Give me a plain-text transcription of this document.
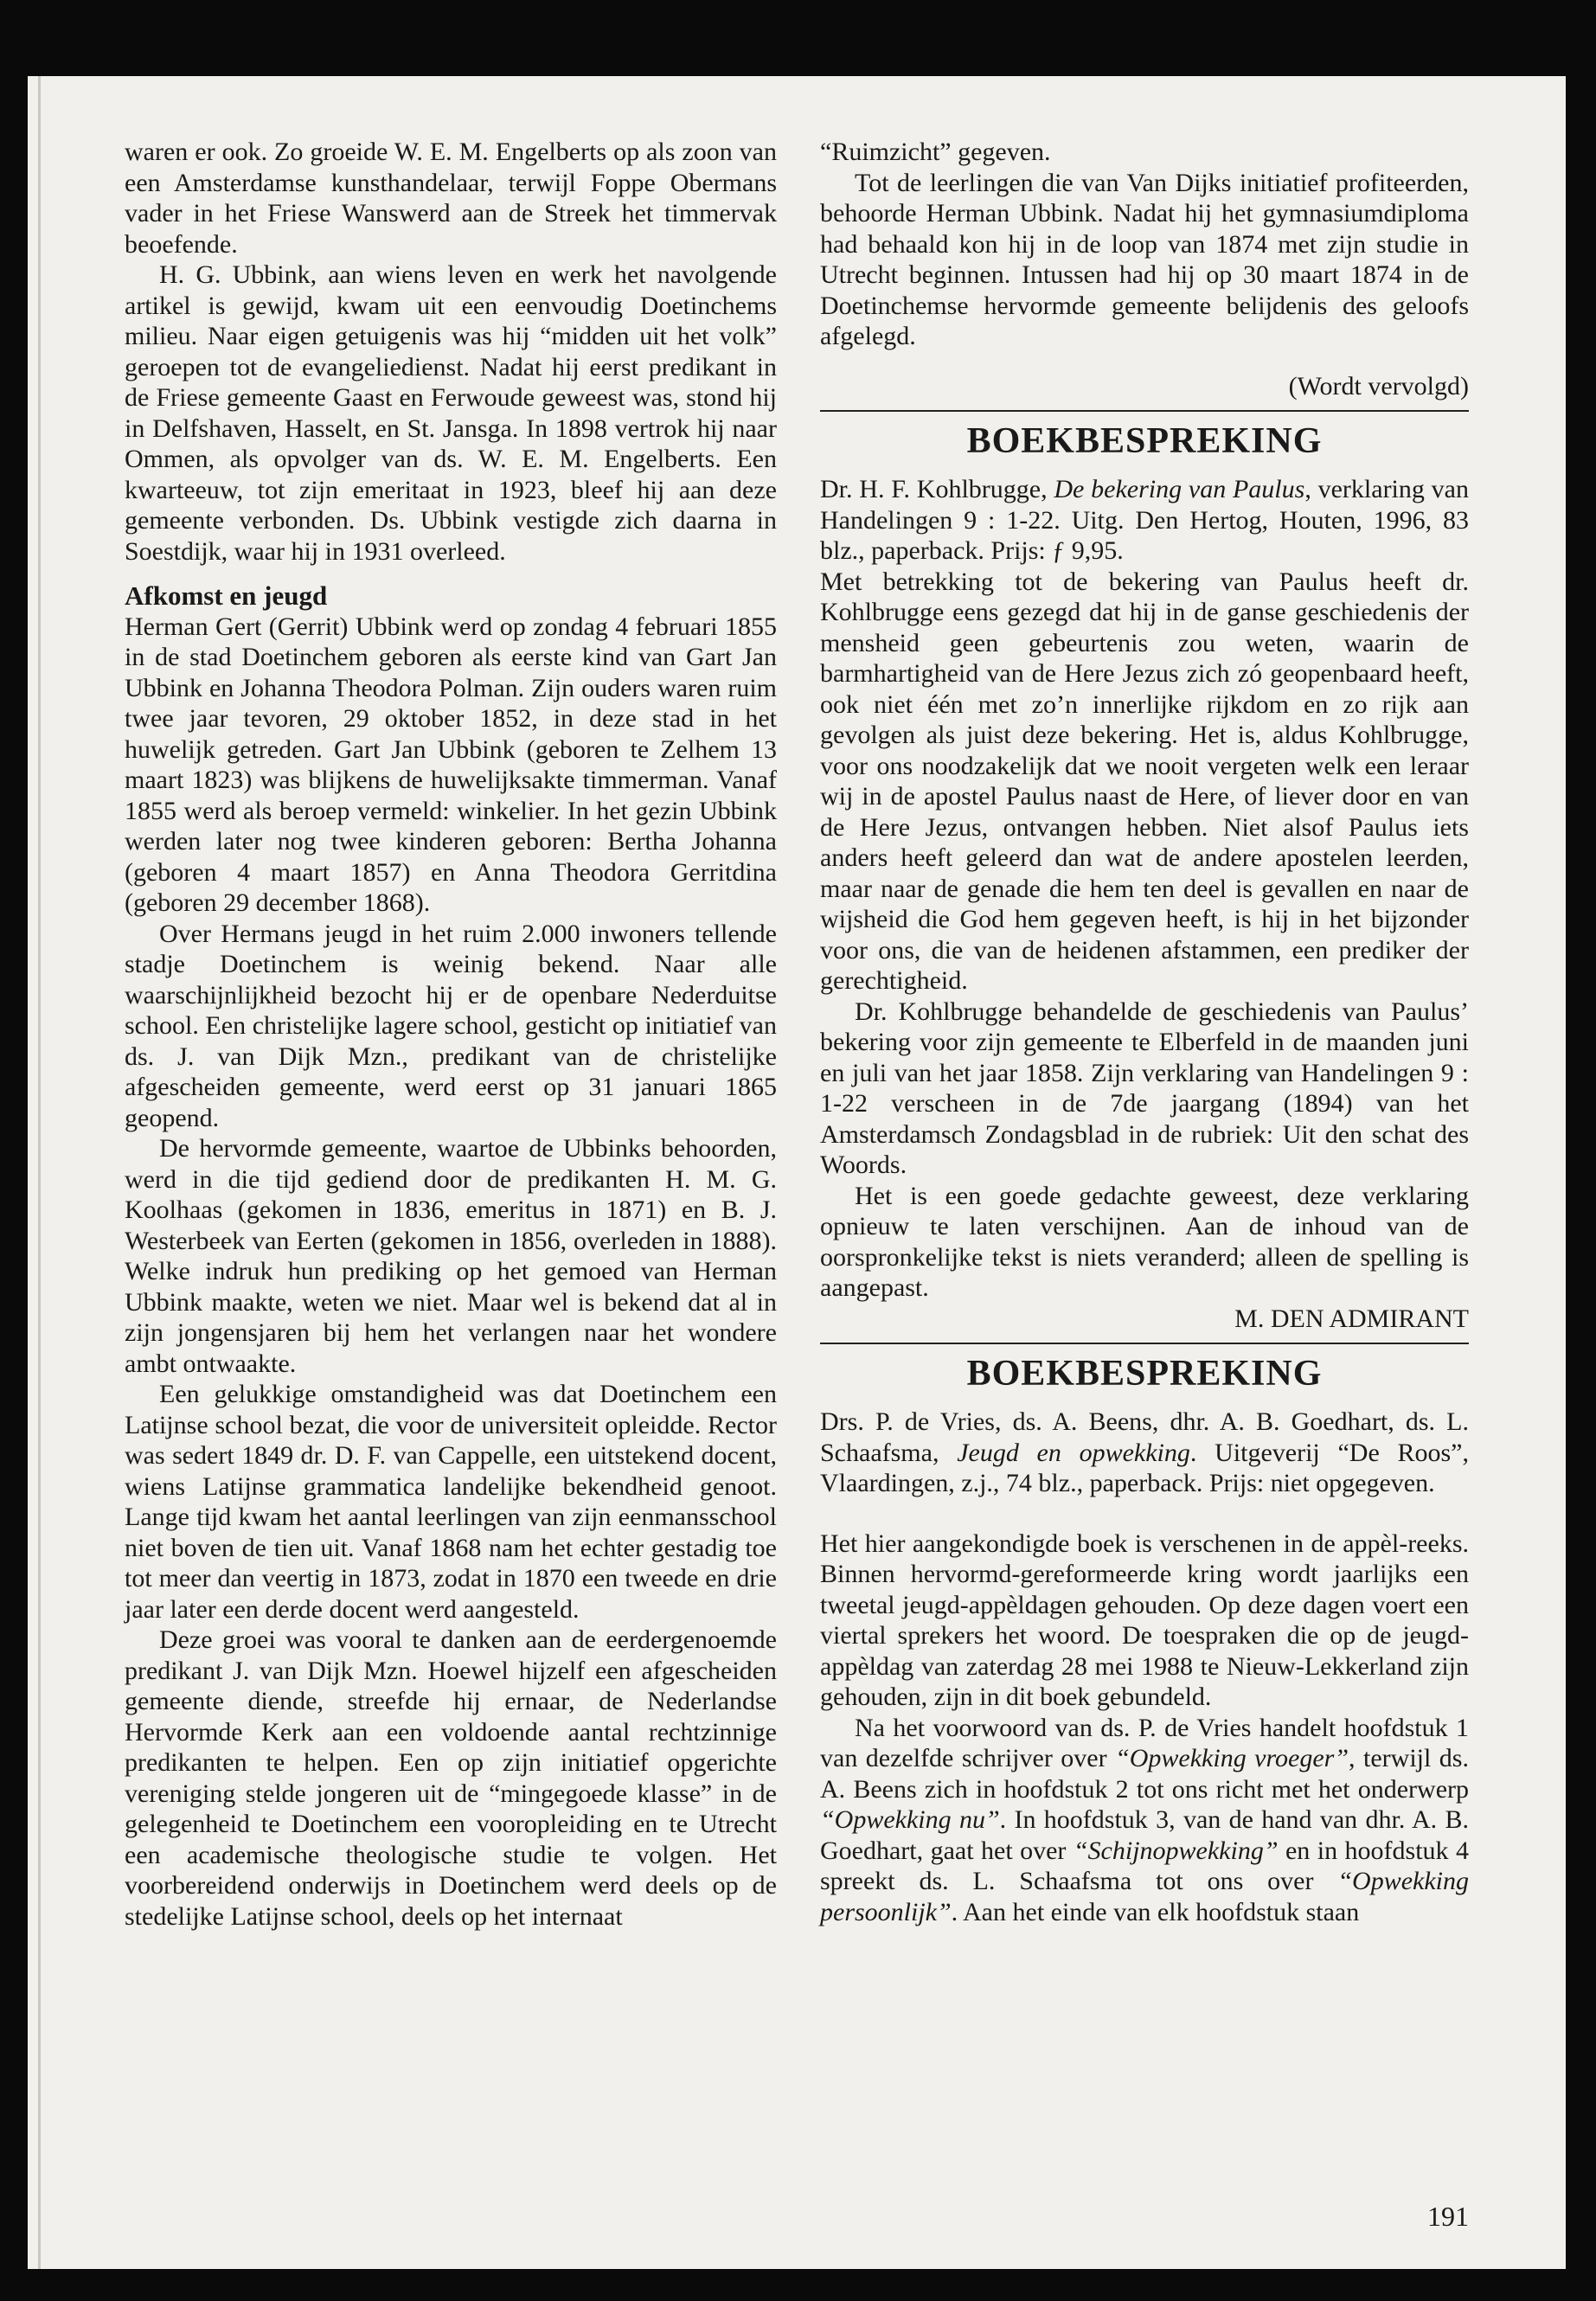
waren er ook. Zo groeide W. E. M. Engelberts op als zoon van een Amsterdamse kunsthandelaar, terwijl Foppe Obermans vader in het Friese Wanswerd aan de Streek het timmervak beoefende.

H. G. Ubbink, aan wiens leven en werk het navolgende artikel is gewijd, kwam uit een eenvoudig Doetinchems milieu. Naar eigen getuigenis was hij “midden uit het volk” geroepen tot de evangeliedienst. Nadat hij eerst predikant in de Friese gemeente Gaast en Ferwoude geweest was, stond hij in Delfshaven, Hasselt, en St. Jansga. In 1898 vertrok hij naar Ommen, als opvolger van ds. W. E. M. Engelberts. Een kwarteeuw, tot zijn emeritaat in 1923, bleef hij aan deze gemeente verbonden. Ds. Ubbink vestigde zich daarna in Soestdijk, waar hij in 1931 overleed.

Afkomst en jeugd

Herman Gert (Gerrit) Ubbink werd op zondag 4 februari 1855 in de stad Doetinchem geboren als eerste kind van Gart Jan Ubbink en Johanna Theodora Polman. Zijn ouders waren ruim twee jaar tevoren, 29 oktober 1852, in deze stad in het huwelijk getreden. Gart Jan Ubbink (geboren te Zelhem 13 maart 1823) was blijkens de huwelijksakte timmerman. Vanaf 1855 werd als beroep vermeld: winkelier. In het gezin Ubbink werden later nog twee kinderen geboren: Bertha Johanna (geboren 4 maart 1857) en Anna Theodora Gerritdina (geboren 29 december 1868).

Over Hermans jeugd in het ruim 2.000 inwoners tellende stadje Doetinchem is weinig bekend. Naar alle waarschijnlijkheid bezocht hij er de openbare Nederduitse school. Een christelijke lagere school, gesticht op initiatief van ds. J. van Dijk Mzn., predikant van de christelijke afgescheiden gemeente, werd eerst op 31 januari 1865 geopend.

De hervormde gemeente, waartoe de Ubbinks behoorden, werd in die tijd gediend door de predikanten H. M. G. Koolhaas (gekomen in 1836, emeritus in 1871) en B. J. Westerbeek van Eerten (gekomen in 1856, overleden in 1888). Welke indruk hun prediking op het gemoed van Herman Ubbink maakte, weten we niet. Maar wel is bekend dat al in zijn jongensjaren bij hem het verlangen naar het wondere ambt ontwaakte.

Een gelukkige omstandigheid was dat Doetinchem een Latijnse school bezat, die voor de universiteit opleidde. Rector was sedert 1849 dr. D. F. van Cappelle, een uitstekend docent, wiens Latijnse grammatica landelijke bekendheid genoot. Lange tijd kwam het aantal leerlingen van zijn eenmansschool niet boven de tien uit. Vanaf 1868 nam het echter gestadig toe tot meer dan veertig in 1873, zodat in 1870 een tweede en drie jaar later een derde docent werd aangesteld.

Deze groei was vooral te danken aan de eerdergenoemde predikant J. van Dijk Mzn. Hoewel hijzelf een afgescheiden gemeente diende, streefde hij ernaar, de Nederlandse Hervormde Kerk aan een voldoende aantal rechtzinnige predikanten te helpen. Een op zijn initiatief opgerichte vereniging stelde jongeren uit de “mingegoede klasse” in de gelegenheid te Doetinchem een vooropleiding en te Utrecht een academische theologische studie te volgen. Het voorbereidend onderwijs in Doetinchem werd deels op de stedelijke Latijnse school, deels op het internaat

“Ruimzicht” gegeven.

Tot de leerlingen die van Van Dijks initiatief profiteerden, behoorde Herman Ubbink. Nadat hij het gymnasiumdiploma had behaald kon hij in de loop van 1874 met zijn studie in Utrecht beginnen. Intussen had hij op 30 maart 1874 in de Doetinchemse hervormde gemeente belijdenis des geloofs afgelegd.

(Wordt vervolgd)

BOEKBESPREKING

Dr. H. F. Kohlbrugge, De bekering van Paulus, verklaring van Handelingen 9 : 1-22. Uitg. Den Hertog, Houten, 1996, 83 blz., paperback. Prijs: ƒ 9,95.

Met betrekking tot de bekering van Paulus heeft dr. Kohlbrugge eens gezegd dat hij in de ganse geschiedenis der mensheid geen gebeurtenis zou weten, waarin de barmhartigheid van de Here Jezus zich zó geopenbaard heeft, ook niet één met zo’n innerlijke rijkdom en zo rijk aan gevolgen als juist deze bekering. Het is, aldus Kohlbrugge, voor ons noodzakelijk dat we nooit vergeten welk een leraar wij in de apostel Paulus naast de Here, of liever door en van de Here Jezus, ontvangen hebben. Niet alsof Paulus iets anders heeft geleerd dan wat de andere apostelen leerden, maar naar de genade die hem ten deel is gevallen en naar de wijsheid die God hem gegeven heeft, is hij in het bijzonder voor ons, die van de heidenen afstammen, een prediker der gerechtigheid.

Dr. Kohlbrugge behandelde de geschiedenis van Paulus’ bekering voor zijn gemeente te Elberfeld in de maanden juni en juli van het jaar 1858. Zijn verklaring van Handelingen 9 : 1-22 verscheen in de 7de jaargang (1894) van het Amsterdamsch Zondagsblad in de rubriek: Uit den schat des Woords.

Het is een goede gedachte geweest, deze verklaring opnieuw te laten verschijnen. Aan de inhoud van de oorspronkelijke tekst is niets veranderd; alleen de spelling is aangepast.

M. DEN ADMIRANT

BOEKBESPREKING

Drs. P. de Vries, ds. A. Beens, dhr. A. B. Goedhart, ds. L. Schaafsma, Jeugd en opwekking. Uitgeverij “De Roos”, Vlaardingen, z.j., 74 blz., paperback. Prijs: niet opgegeven.

Het hier aangekondigde boek is verschenen in de appèl-reeks. Binnen hervormd-gereformeerde kring wordt jaarlijks een tweetal jeugd-appèldagen gehouden. Op deze dagen voert een viertal sprekers het woord. De toespraken die op de jeugd-appèldag van zaterdag 28 mei 1988 te Nieuw-Lekkerland zijn gehouden, zijn in dit boek gebundeld.

Na het voorwoord van ds. P. de Vries handelt hoofdstuk 1 van dezelfde schrijver over “Opwekking vroeger”, terwijl ds. A. Beens zich in hoofdstuk 2 tot ons richt met het onderwerp “Opwekking nu”. In hoofdstuk 3, van de hand van dhr. A. B. Goedhart, gaat het over “Schijnopwekking” en in hoofdstuk 4 spreekt ds. L. Schaafsma tot ons over “Opwekking persoonlijk”. Aan het einde van elk hoofdstuk staan

191
